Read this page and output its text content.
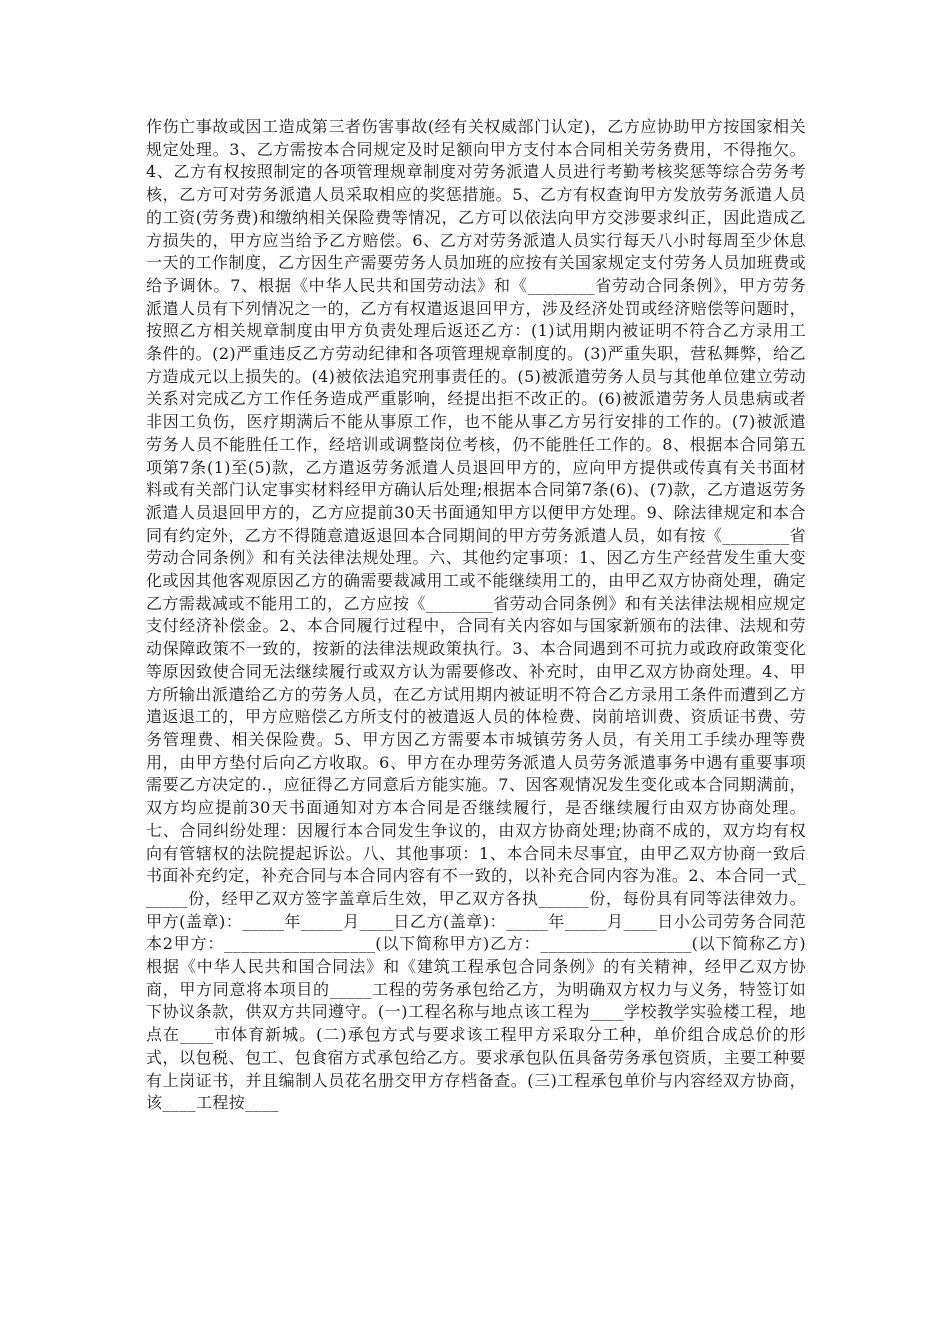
作伤亡事故或因工造成第三者伤害事故(经有关权威部门认定)，乙方应协助甲方按国家相关规定处理。3、乙方需按本合同规定及时足额向甲方支付本合同相关劳务费用，不得拖欠。4、乙方有权按照制定的各项管理规章制度对劳务派遣人员进行考勤考核奖惩等综合劳务考核，乙方可对劳务派遣人员采取相应的奖惩措施。5、乙方有权查询甲方发放劳务派遣人员的工资(劳务费)和缴纳相关保险费等情况，乙方可以依法向甲方交涉要求纠正，因此造成乙方损失的，甲方应当给予乙方赔偿。6、乙方对劳务派遣人员实行每天八小时每周至少休息一天的工作制度，乙方因生产需要劳务人员加班的应按有关国家规定支付劳务人员加班费或给予调休。7、根据《中华人民共和国劳动法》和《________省劳动合同条例》，甲方劳务派遣人员有下列情况之一的，乙方有权遣返退回甲方，涉及经济处罚或经济赔偿等问题时，按照乙方相关规章制度由甲方负责处理后返还乙方：(1)试用期内被证明不符合乙方录用工条件的。(2)严重违反乙方劳动纪律和各项管理规章制度的。(3)严重失职，营私舞弊，给乙方造成元以上损失的。(4)被依法追究刑事责任的。(5)被派遣劳务人员与其他单位建立劳动关系对完成乙方工作任务造成严重影响，经提出拒不改正的。(6)被派遣劳务人员患病或者非因工负伤，医疗期满后不能从事原工作，也不能从事乙方另行安排的工作的。(7)被派遣劳务人员不能胜任工作，经培训或调整岗位考核，仍不能胜任工作的。8、根据本合同第五项第7条(1)至(5)款，乙方遣返劳务派遣人员退回甲方的，应向甲方提供或传真有关书面材料或有关部门认定事实材料经甲方确认后处理;根据本合同第7条(6)、(7)款，乙方遣返劳务派遣人员退回甲方的，乙方应提前30天书面通知甲方以便甲方处理。9、除法律规定和本合同有约定外，乙方不得随意遣返退回本合同期间的甲方劳务派遣人员，如有按《________省劳动合同条例》和有关法律法规处理。六、其他约定事项：1、因乙方生产经营发生重大变化或因其他客观原因乙方的确需要裁减用工或不能继续用工的，由甲乙双方协商处理，确定乙方需裁减或不能用工的，乙方应按《________省劳动合同条例》和有关法律法规相应规定支付经济补偿金。2、本合同履行过程中，合同有关内容如与国家新颁布的法律、法规和劳动保障政策不一致的，按新的法律法规政策执行。3、本合同遇到不可抗力或政府政策变化等原因致使合同无法继续履行或双方认为需要修改、补充时，由甲乙双方协商处理。4、甲方所输出派遣给乙方的劳务人员，在乙方试用期内被证明不符合乙方录用工条件而遭到乙方遣返退工的，甲方应赔偿乙方所支付的被遣返人员的体检费、岗前培训费、资质证书费、劳务管理费、相关保险费。5、甲方因乙方需要本市城镇劳务人员，有关用工手续办理等费用，由甲方垫付后向乙方收取。6、甲方在办理劳务派遣人员劳务派遣事务中遇有重要事项需要乙方决定的.，应征得乙方同意后方能实施。7、因客观情况发生变化或本合同期满前，双方均应提前30天书面通知对方本合同是否继续履行，是否继续履行由双方协商处理。七、合同纠纷处理：因履行本合同发生争议的，由双方协商处理;协商不成的，双方均有权向有管辖权的法院提起诉讼。八、其他事项：1、本合同未尽事宜，由甲乙双方协商一致后书面补充约定，补充合同与本合同内容有不一致的，以补充合同内容为准。2、本合同一式______份，经甲乙双方签字盖章后生效，甲乙双方各执______份，每份具有同等法律效力。甲方(盖章)：_____年_____月____日乙方(盖章)：_____年_____月____日小公司劳务合同范本2甲方：__________________(以下简称甲方)乙方：__________________(以下简称乙方)根据《中华人民共和国合同法》和《建筑工程承包合同条例》的有关精神，经甲乙双方协商，甲方同意将本项目的_____工程的劳务承包给乙方，为明确双方权力与义务，特签订如下协议条款，供双方共同遵守。(一)工程名称与地点该工程为____学校教学实验楼工程，地点在____市体育新城。(二)承包方式与要求该工程甲方采取分工种，单价组合成总价的形式，以包税、包工、包食宿方式承包给乙方。要求承包队伍具备劳务承包资质，主要工种要有上岗证书，并且编制人员花名册交甲方存档备查。(三)工程承包单价与内容经双方协商，该____工程按____
